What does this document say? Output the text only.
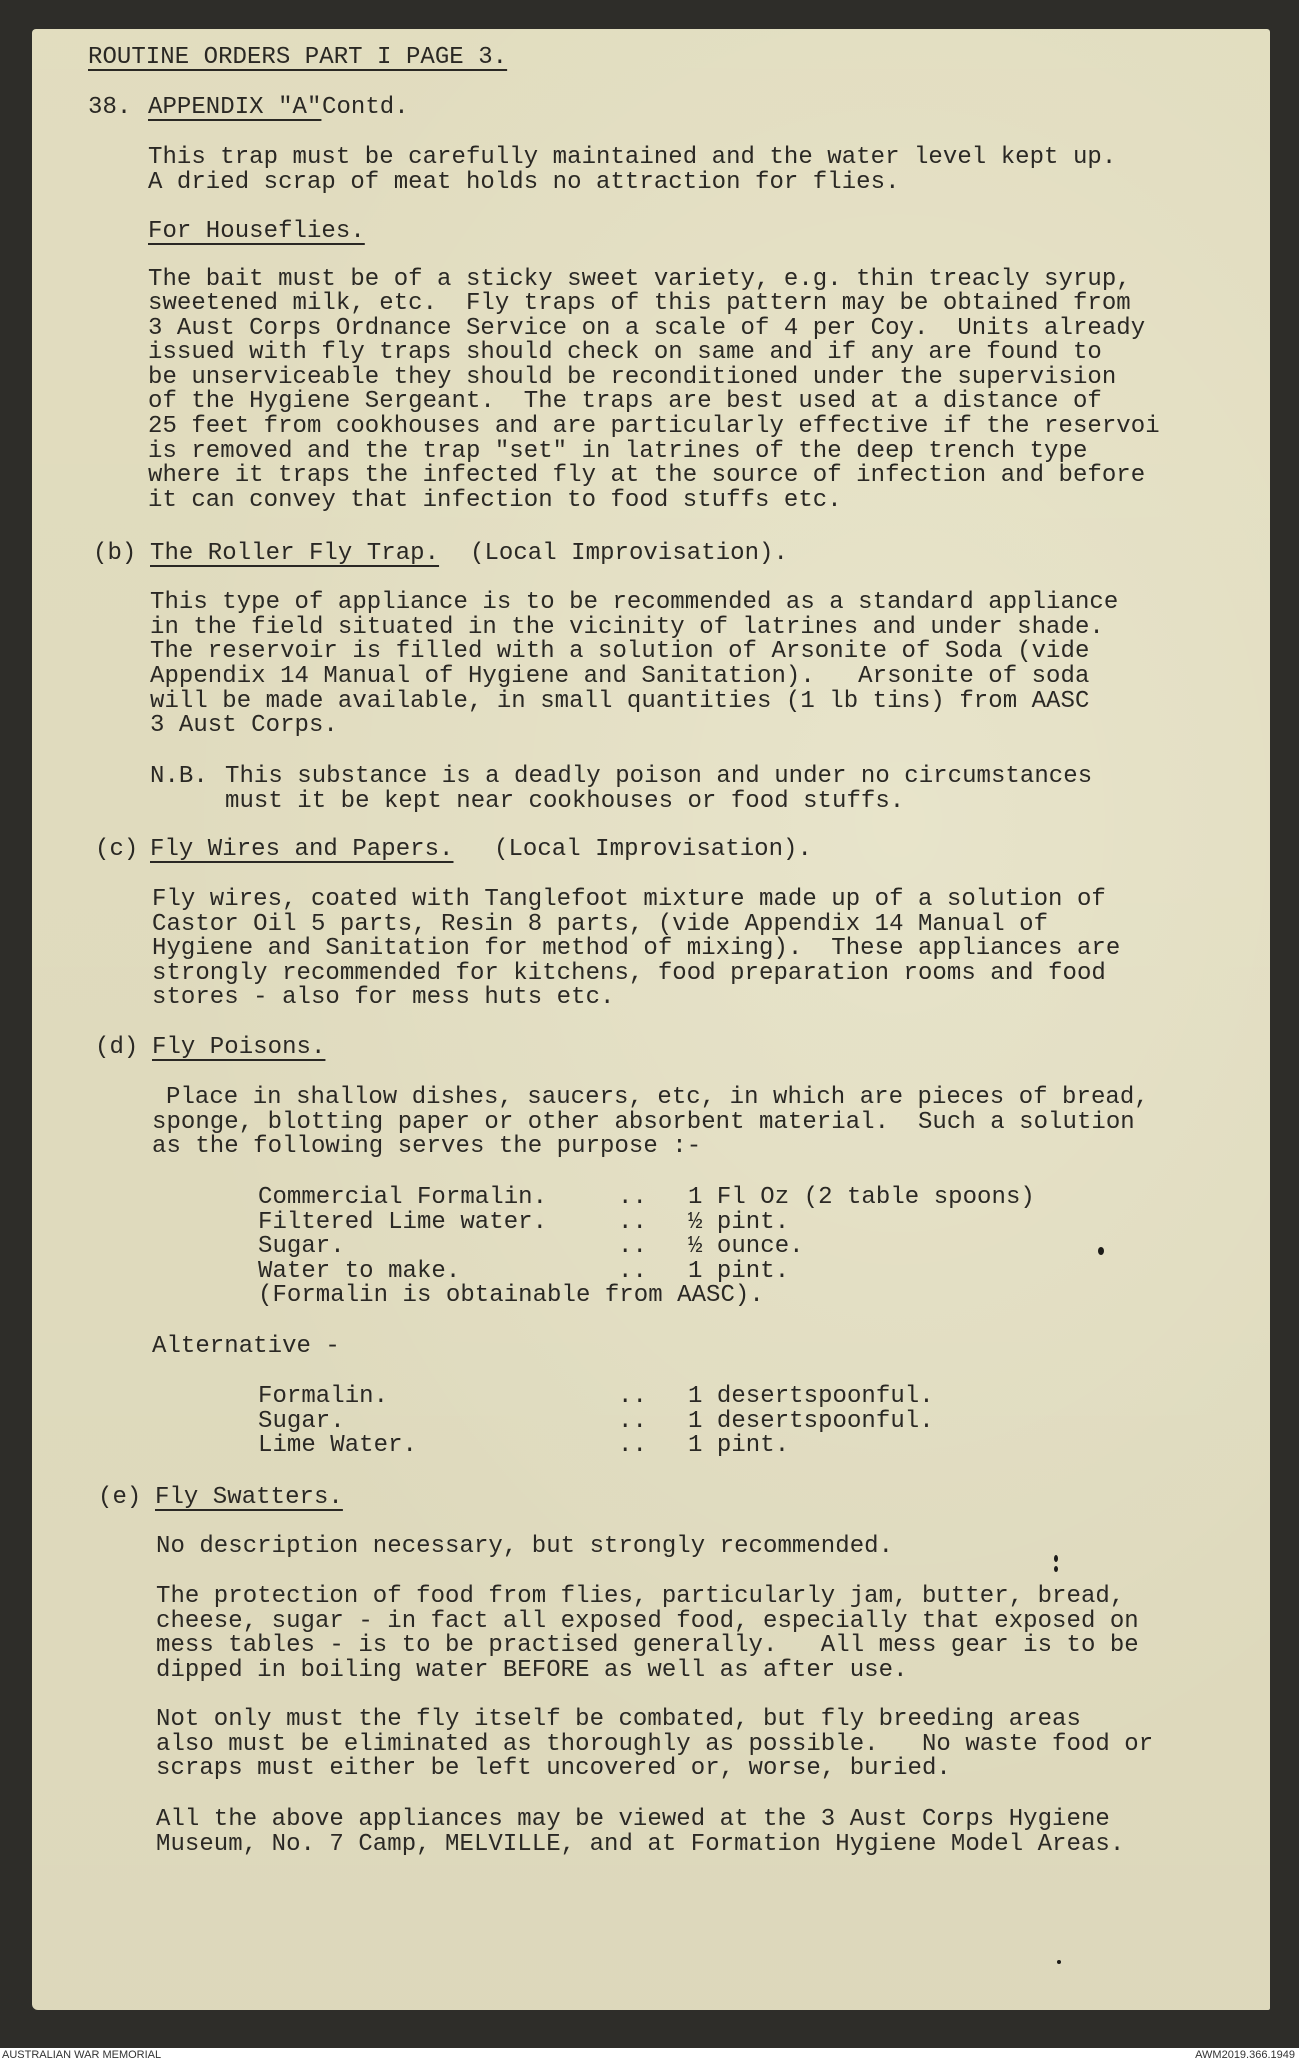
ROUTINE ORDERS PART I PAGE 3.
38. APPENDIX "A" Contd.
This trap must be carefully maintained and the water level kept up.
A dried scrap of meat holds no attraction for flies.
For Houseflies.
The bait must be of a sticky sweet variety, e.g. thin treacly syrup,
sweetened milk, etc.  Fly traps of this pattern may be obtained from
3 Aust Corps Ordnance Service on a scale of 4 per Coy.  Units already
issued with fly traps should check on same and if any are found to
be unserviceable they should be reconditioned under the supervision
of the Hygiene Sergeant.  The traps are best used at a distance of
25 feet from cookhouses and are particularly effective if the reservoi
is removed and the trap "set" in latrines of the deep trench type
where it traps the infected fly at the source of infection and before
it can convey that infection to food stuffs etc.
(b) The Roller Fly Trap. (Local Improvisation).
This type of appliance is to be recommended as a standard appliance
in the field situated in the vicinity of latrines and under shade.
The reservoir is filled with a solution of Arsonite of Soda (vide
Appendix 14 Manual of Hygiene and Sanitation).   Arsonite of soda
will be made available, in small quantities (1 lb tins) from AASC
3 Aust Corps.
N.B. This substance is a deadly poison and under no circumstances
must it be kept near cookhouses or food stuffs.
(c) Fly Wires and Papers. (Local Improvisation).
Fly wires, coated with Tanglefoot mixture made up of a solution of
Castor Oil 5 parts, Resin 8 parts, (vide Appendix 14 Manual of
Hygiene and Sanitation for method of mixing).  These appliances are
strongly recommended for kitchens, food preparation rooms and food
stores - also for mess huts etc.
(d) Fly Poisons.
Place in shallow dishes, saucers, etc, in which are pieces of bread,
sponge, blotting paper or other absorbent material.  Such a solution
as the following serves the purpose :-
Commercial Formalin.	.. 1 Fl Oz (2 table spoons)
Filtered Lime water.	.. ½ pint.
Sugar.	.. ½ ounce.
Water to make.	.. 1 pint.
(Formalin is obtainable from AASC).
Alternative -
Formalin.	.. 1 desertspoonful.
Sugar.	.. 1 desertspoonful.
Lime Water.	.. 1 pint.
(e) Fly Swatters.
No description necessary, but strongly recommended.
The protection of food from flies, particularly jam, butter, bread,
cheese, sugar - in fact all exposed food, especially that exposed on
mess tables - is to be practised generally.   All mess gear is to be
dipped in boiling water BEFORE as well as after use.
Not only must the fly itself be combated, but fly breeding areas
also must be eliminated as thoroughly as possible.   No waste food or
scraps must either be left uncovered or, worse, buried.
All the above appliances may be viewed at the 3 Aust Corps Hygiene
Museum, No. 7 Camp, MELVILLE, and at Formation Hygiene Model Areas.
AUSTRALIAN WAR MEMORIAL	AWM2019.366.1949
